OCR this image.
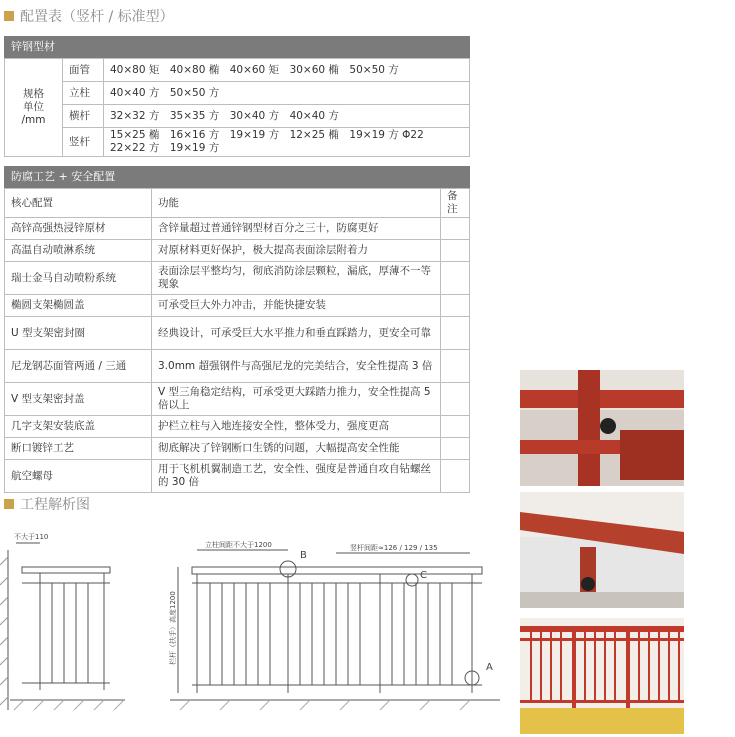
配置表（竖杆 / 标准型）
锌钢型材
规格
单位 /mm	面管	40×80 矩　40×80 椭　40×60 矩　30×60 椭　50×50 方
	立柱	40×40 方　50×50 方
	横杆	32×32 方　35×35 方　30×40 方　40×40 方
	竖杆	15×25 椭　16×16 方　19×19 方　12×25 椭　19×19 方 Φ22
22×22 方　19×19 方
防腐工艺 + 安全配置
核心配置	功能	备注
高锌高强热浸锌原材	含锌量超过普通锌钢型材百分之三十，防腐更好	
高温自动喷淋系统	对原材料更好保护，极大提高表面涂层附着力	
瑞士金马自动喷粉系统	表面涂层平整均匀，彻底消防涂层颗粒，漏底，厚薄不一等现象	
椭圆支架椭圆盖	可承受巨大外力冲击，并能快捷安装	
U 型支架密封圈	经典设计，可承受巨大水平推力和垂直踩踏力，更安全可靠	
尼龙钢芯面管两通 / 三通	3.0mm 超强钢件与高强尼龙的完美结合，安全性提高 3 倍	
V 型支架密封盖	V 型三角稳定结构，可承受更大踩踏力推力，安全性提高 5 倍以上	
几字支架安装底盖	护栏立柱与入地连接安全性，整体受力，强度更高	
断口镀锌工艺	彻底解决了锌钢断口生锈的问题，大幅提高安全性能	
航空螺母	用于飞机机翼制造工艺，安全性、强度是普通自攻自钻螺丝的 30 倍	
工程解析图
不大于110
立柱间距不大于1200	竖杆间距≈126 / 129 / 135
栏杆（扶手）高度1200
B
C
A
